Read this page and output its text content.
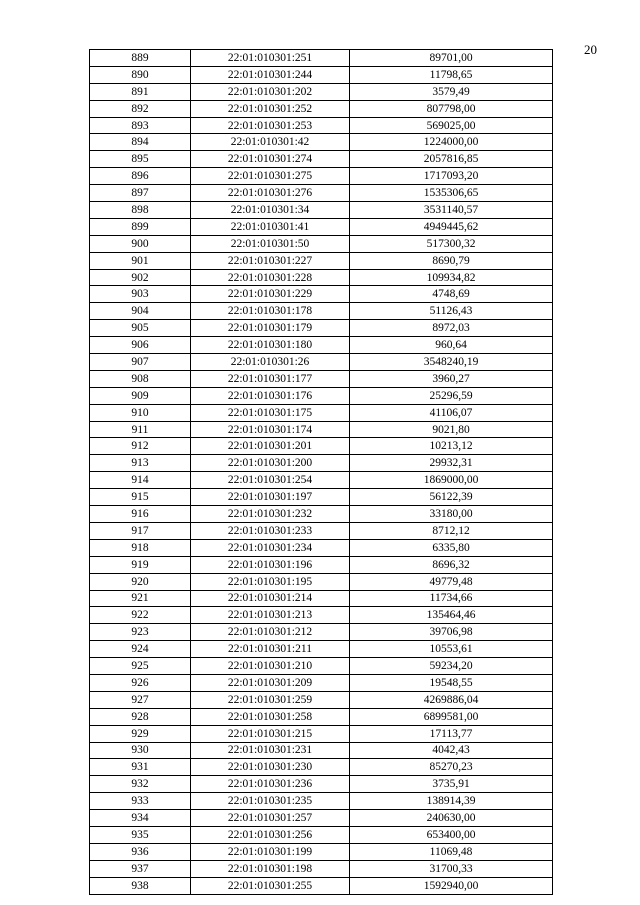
20
889	22:01:010301:251	89701,00
890	22:01:010301:244	11798,65
891	22:01:010301:202	3579,49
892	22:01:010301:252	807798,00
893	22:01:010301:253	569025,00
894	22:01:010301:42	1224000,00
895	22:01:010301:274	2057816,85
896	22:01:010301:275	1717093,20
897	22:01:010301:276	1535306,65
898	22:01:010301:34	3531140,57
899	22:01:010301:41	4949445,62
900	22:01:010301:50	517300,32
901	22:01:010301:227	8690,79
902	22:01:010301:228	109934,82
903	22:01:010301:229	4748,69
904	22:01:010301:178	51126,43
905	22:01:010301:179	8972,03
906	22:01:010301:180	960,64
907	22:01:010301:26	3548240,19
908	22:01:010301:177	3960,27
909	22:01:010301:176	25296,59
910	22:01:010301:175	41106,07
911	22:01:010301:174	9021,80
912	22:01:010301:201	10213,12
913	22:01:010301:200	29932,31
914	22:01:010301:254	1869000,00
915	22:01:010301:197	56122,39
916	22:01:010301:232	33180,00
917	22:01:010301:233	8712,12
918	22:01:010301:234	6335,80
919	22:01:010301:196	8696,32
920	22:01:010301:195	49779,48
921	22:01:010301:214	11734,66
922	22:01:010301:213	135464,46
923	22:01:010301:212	39706,98
924	22:01:010301:211	10553,61
925	22:01:010301:210	59234,20
926	22:01:010301:209	19548,55
927	22:01:010301:259	4269886,04
928	22:01:010301:258	6899581,00
929	22:01:010301:215	17113,77
930	22:01:010301:231	4042,43
931	22:01:010301:230	85270,23
932	22:01:010301:236	3735,91
933	22:01:010301:235	138914,39
934	22:01:010301:257	240630,00
935	22:01:010301:256	653400,00
936	22:01:010301:199	11069,48
937	22:01:010301:198	31700,33
938	22:01:010301:255	1592940,00
